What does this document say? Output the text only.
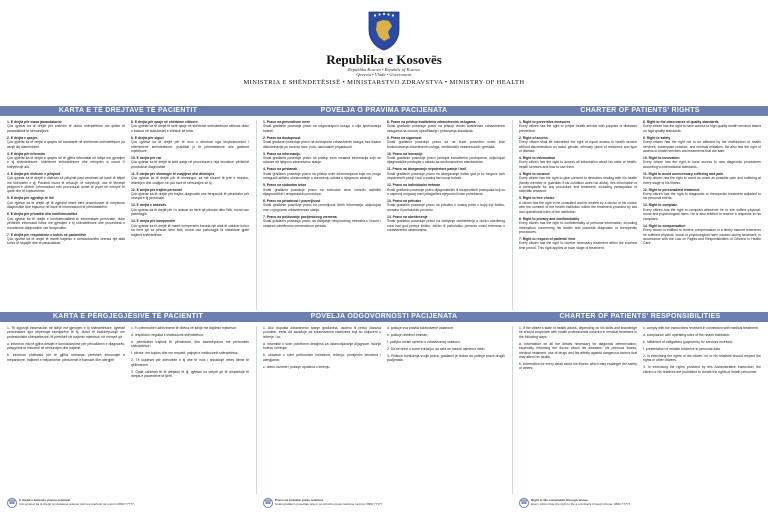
Republika e Kosovës
Republika Kosovo • Republic of Kosovo
Qeveria • Vlada • Government
MINISTRIA E SHËNDETËSISË • MINISTARSTVO ZDRAVSTVA • MINISTRY OF HEALTH
KARTA E TË DREJTAVE TË PACIENTIT	POVELJA O PRAVIMA PACIJENATA	CHARTER OF PATIENTS' RIGHTS
1. E drejta për masa parandaluese
Çdo qytetar ka të drejtë për shërbim të duhur shëndetësor me qëllim të parandalimit të sëmundjeve.
2. E drejta e qasjes
Çdo qytetar ka të drejtë e qasjes në barabartë në shërbimet shëndetësore pa asnjë lloj diskriminimi.
3. E drejta për informim
Çdo qytetar ka të drejtë e qasjes në të gjitha informatat në lidhje me gjendjen e tij shëndetësore, shërbimet shëndetësore dhe mënyrën si mund t'i shfrytëzojë ato.
4. E drejta për dhënien e pëlqimit
Çdo qytetar ka të drejtë e dhënies së pëlqimit pasi vendimet që kanë të bëjnë me shëndetin e tij. Pacienti mund të refuzojë, të ndryshojë, ose të tërheqë pëlqimin e dhënë. Informacioni mbi procedurat duhet të jepet në mënyrë të qartë dhe të kuptueshme.
5. E drejta për zgjedhje të lirë
Çdo qytetar ka të drejtë që të zgjedhë lirisht mes procedurave të ndryshme diagnostike dhe trajtuese në bazë të informacionit të përshtatshëm.
6. E drejta për privatësi dhe konfidencialitet
Çdo qytetar ka të drejtë e konfidencialitetit të informatave personale, duke përfshirë informatat lidhur me gjendjen e tij shëndetësore dhe procedurat e mundshme diagnostike ose terapeutike.
7. E drejta për respektimin e kohës së pacientëve
Çdo qytetar ka të drejtë të marrë trajtimin e domosdoshëm brenda një afati kohor të shpejtë dhe të paracaktuar.
8. E drejta për qasje në shërbime cilësore
Çdo qytetar ka të drejtë të ketë qasje në shërbime shëndetësore cilësore duke u bazuar në standardet e cilësisë së larta.
9. E drejta për siguri
Çdo qytetar ka të drejtë për të mos u dëmtuar nga keqfunksionimi i shërbimeve shëndetësore, praktikat jo të përshtatshme dhe gabimet mjekësore.
10. E drejta për risi
Çdo qytetar ka të drejtë të ketë qasje në procedurat e reja inovative, përfshirë procedurat diagnostike.
11. E drejta për shmangie të vuajtjeve dhe dhimbjes
Çdo qytetar ka të drejtë për të shmangur, sa më shumë të jetë e mundur, dhimbjen dhe vuajtjen në çdo fazë të sëmundjes së tij.
12. E drejta për trajtim personal
Çdo qytetar ka të drejtë për trajtim diagnostik ose terapeutik të përshtatur për nevojat e tij personale.
13. E drejta e ankesës
Çdo qytetar ka të drejtë për t'u ankuar sa herë që pësuan dëm fizik, moral ose psikologjik.
14. E drejta për kompensim
Çdo qytetar ka të drejtë të marrë kompensim brenda një afati të caktuar kohor sa herë që ka pësuar dëm fizik, moral ose psikologjik të shkaktuar gjatë trajtimit shëndetësor.
1. Pravo na preventivne mere
Svaki građanin poseduje pravo na odgovarajuću uslugu u cilju sprečavanja bolesti.
2. Pravo na dostupnost
Svaki građanin poseduje pravo na dostupnost zdravstvenih usluga, bez ikakve diskriminacije po osnovu rase, pola, nacionalne pripadnosti.
3. Pravo na informaciju
Svaki građanin poseduje pravo na pristup svim vrstama informacija koje se odnose na njegovo zdravstveno stanje.
4. Pravo na pristanak
Svaki građanin poseduje pravo na pristup svim informacijama koje mu mogu omogućiti aktivno učestvovanje u donošenju odluka o njegovom zdravlju.
5. Pravo na slobodan izbor
Svaki građanin poseduje pravo na slobodan izbor između različitih dijagnostičkih i terapeutskih procedura.
6. Pravo na privatnost i poverljivost
Svaki građanin poseduje pravo na poverljivost ličnih informacija, uključujući one o njegovom zdravstvenom stanju.
7. Pravo na poštovanje pacijentovog vremena
Svaki građanin poseduje pravo na dobijanje neophodnog tretmana u brzom i unapred određenom vremenskom periodu.
8. Pravo na pristup kvalitetnim zdravstvenim uslugama
Svaki građanin poseduje pravo na pristup visoko kvalitetnim zdravstvenim uslugama na osnovu specifikacije i poštovanja standarda.
9. Pravo na sigurnost
Svaki građanin poseduje pravo da ne bude povređen usled loše funkcionisanja zdravstvenih usluga, medicinskih nesavesnosti i grešaka.
10. Pravo na inovacije
Svaki građanin poseduje pravo pristupa inovativnim postupcima, uključujući dijagnostičke postupke u skladu sa međunarodnim standardima.
11. Pravo na izbegavanje nepotrebne patnje i boli
Svaki građanin poseduje pravo na izbegavanje koliko god je to moguće svih nepotrebnih patnji i boli u svakoj fazi svoje bolesti.
12. Pravo na individualni tretman
Svaki građanin poseduje pravo dijagnostičkih ili terapeutskih postupaka koji su u najvećoj mogućoj meri prilagođeni njegovim ličnim potrebama.
13. Pravo na prituzbe
Svaki građanin poseduje pravo na pritužbu u svakoj prilici u kojoj trpi fizičku, moralnu ili psihološku povredu.
14. Pravo na obeštećenje
Svaki građanin poseduje pravo na dobijanje obeštećenja u okviru utvrđenog roka kad god pretrpi fizičku, etičku ili psihološku povredu usled tretmana u zdravstvenim ustanovama.
1. Right to preventive measures
Every citizen has the right to proper health service with purpose of diseases prevention.
2. Right of access
Every citizen shall be warranted the right of equal access to health service without discrimination on racial, gender, ethnicity, place of residence and type of disease.
3. Right to information
Every citizen has the right to access all information about his state of health, health services and how to use them.
4. Right to consent
Every citizen has the right to give consent to decisions dealing with his health (family member or guardian if his condition does not allow), this information is a prerequisite for any procedure and treatment, including participation in scientific research.
5. Right to free choice
A citizen has the right to be consulted and be treated by a doctor of his choice with the consent of the health institution within the treatment provided by law and operational rules of the institution.
6. Right to privacy and confidentiality
Every citizen has the right to confidentiality of personal information, including information concerning his health and potential diagnostic or therapeutic procedures.
7. Right to respect of patients' time
Every citizen has the right to receive necessary treatment within the shortest time period. This right applies at each stage of treatment.
8. Right to the observance of quality standards
Every citizen has the right to have access to high quality health services based on high quality standards.
9. Right to safety
Every citizen has the right not to be affected by the malfunction of health services, inadequate practice, and medical mistakes. He also has the right of access to health services and treatments that are safe.
10. Right to innovation
Every citizen has the right to have access to new diagnostic procedures according to international standards.
11. Right to avoid unnecessary suffering and pain
Every citizen has the right to avoid as much as possible pain and suffering at every stage of his illness.
12. Right to personalized treatment
Every citizen has the right to diagnostic or therapeutic treatment adjusted to his personal needs.
13. Right to complain
Every citizen has the right to complain whenever he or she suffers physical, moral and psychological harm. He is also entitled to receive a response to his complaint.
14. Right to compensation
Every citizen is entitled to receive compensation in a timely manner whenever he suffered physical, moral or psychological harm caused during treatment, in accordance with the Law on Rights and Responsibilities of Citizens in Health Care.
KARTA E PËRGJEGJËSIVE TË PACIENTIT	POVELJA ODGOVORNOSTI PACIJENATA	CHARTER OF PATIENTS' RESPONSIBILITIES
1. Të sigurojë informacion në lidhje me gjendjen e tij shëndetësore, qytetari personalisht apo nëpërmjet familjarëve të tij, duhet të bashkëpunojë me profesionistët shëndetësorë, të përfshirë në trajtimin mjekësor, në mënyrë që:
a. informon mbi të gjitha detajet e domosdoshme për përcaktimin e diagnozës, pasqyrimit të historisë së sëmundjes dhe trajtimit;
b. informon plotësisht për të gjitha rrethanat, përfshirë sëmundjet e mëparshme, trajtimet e mëparshme, përdorimin e barnave dhe alergjitë;
c. Fu përmbahet udhëzimeve të dhëna në lidhje me trajtimin mjekësor;
d. respekton rregullat e institucionit shëndetësor;
e. përmbahet trajtimit të përcaktuar, dhe bashkëpunon me personelin shëndetësor;
f. përdor, me kujdes dhe me respekt, pajisjet e institucionit shëndetësor.
2. Të kujdeset për shëndetin e tij dhe të mos i shkaktojë vetes dëme të qëllimshme.
3. Gjatë ushtrimit të të drejtave të tij, qytetari ka detyrë që të respektojë të drejtat e pacientëve të tjerë.
1. Ako dopušta zdravstveno stanje građanina, osobno ili preko članova porodice, treba da sarađuje sa zdravstvenim radnicima koji su uključeni u lečenje, i to:
a. informiše o svim potrebnim detaljima za ustanovljavanje dijagnoze, istorije bolesti i lečenja;
b. obavesti o svim prethodnim bolestima, lečenju, primljenim lekovima i alergijama;
c. dobro razume i poštuje uputstva o lečenju;
d. poštuje sva pravila zdravstvene ustanove;
e. poštuje utvrđeni tretman;
f. pažljivo koristi opremu u zdravstvenoj ustanovi.
2. Da se brine o svom zdravlju i da sebi ne nanosi namerno štetu.
3. Prilikom korišćenja svojih prava, građanin je dužan da poštuje prava drugih pacijenata.
1. If the citizen's state of health allows, depending on his skills and knowledge he should cooperate with health professionals involved in medical treatment in the following ways:
a. information on all the details necessary for diagnosis determination, especially informing the doctor about his diseases, his previous illness, medical treatment, use of drugs and his affinity against dangerous factors that may affect his health;
b. information for every detail about his illness, which may endanger the safety of others;
c. comply with the instructions received in connection with medical treatment;
d. compliance with operating rules of the health institution;
e. fulfillment of obligations (payments) for services received;
f. presentation of reliable evidence to personal data.
2. In exercising the rights of the citizen, he or his relatives should respect the rights of other citizens.
3. In exercising the rights provided by this Administrative Instruction, the citizen or his relatives are prohibited to violate the rights of health personnel.
☎	E drejta e ankesës pranon telefonit
Çdo qytetar ka të drejtë të paraqesë ankesë përmes telefonit në numrin 0800 77777.	☎	Pravo na prituzbe preko telefona
Svaki građanin poseduje pravo na prituzbu preko telefona na broj: 0800 77777.	☎	Right to file complaints through phone
Every citizen has the right to file a complaint through phone: 0800 77777.
